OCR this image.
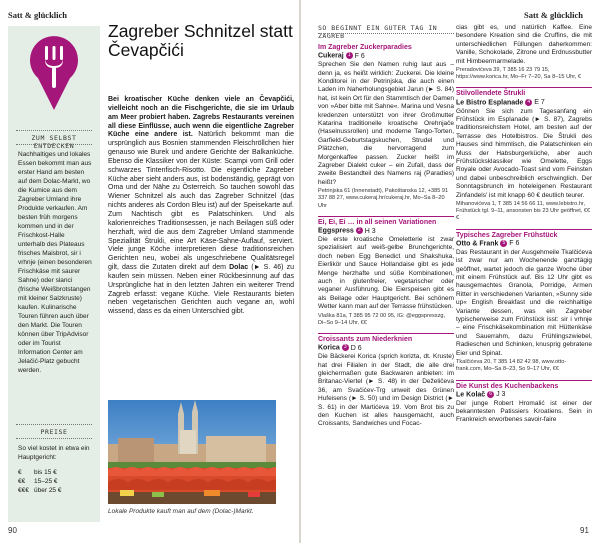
Satt & glücklich
ZUM SELBST ENTDECKEN
Nachhaltiges und lokales Essen bekommt man aus erster Hand am besten auf dem Dolac-Markt, wo die Kumice aus dem Zagreber Umland ihre Produkte verkaufen. Am besten früh morgens kommen und in der Frischkost-Halle unterhalb des Plateaus frisches Maisbrot, sir i vrhnje (einen besonderen Frischkäse mit saurer Sahne) oder slanci (frische Weißbrotstangen mit kleiner Salzkruste) kaufen. Kulinarische Touren führen auch über den Markt. Die Touren können über TripAdvisor oder im Tourist Information Center am Jelačić-Platz gebucht werden.
PREISE
So viel kostet in etwa ein Hauptgericht:
€ bis 15 €
€€ 15–25 €
€€€ über 25 €
Zagreber Schnitzel statt Čevapčići
Bei kroatischer Küche denken viele an Čevapčići, vielleicht noch an die Fischgerichte, die sie im Urlaub am Meer probiert haben. Zagrebs Restaurants vereinen all diese Einflüsse, auch wenn die eigentliche Zagreber Küche eine andere ist. Natürlich bekommt man die ursprünglich aus Bosnien stammenden Fleischröllchen hier genauso wie Burek und andere Gerichte der Balkanküche. Ebenso die Klassiker von der Küste: Scampi vom Grill oder schwarzes Tintenfisch-Risotto. Die eigentliche Zagreber Küche aber sieht anders aus, ist bodenständig, geprägt von Oma und der Nähe zu Österreich. So tauchen sowohl das Wiener Schnitzel als auch das Zagreber Schnitzel (das nichts anderes als Cordon Bleu ist) auf der Speisekarte auf. Zum Nachtisch gibt es Palatschinken. Und als kalorienreiches Traditionsessen, je nach Beilagen süß oder herzhaft, wird die aus dem Zagreber Umland stammende Spezialität Štrukli, eine Art Käse-Sahne-Auflauf, serviert. Viele junge Köche interpretieren diese traditionsreichen Gerichten neu, wobei als ungeschriebene Qualitätsregel gilt, dass die Zutaten direkt auf dem Dolac (► S. 46) zu kaufen sein müssen. Neben einer Rückbesinnung auf das Ursprüngliche hat in den letzten Jahren ein weiterer Trend Zagreb erfasst: vegane Küche. Viele Restaurants bieten neben vegetarischen Gerichten auch vegane an, wohl wissend, dass es da einen Unterschied gibt.
Lokale Produkte kauft man auf dem (Dolac-)Markt.
90
Satt & glücklich
SO BEGINNT EIN GUTER TAG IN ZAGREB
Im Zagreber Zuckerparadies
Cukeraj 1 F 6
Sprechen Sie den Namen ruhig laut aus – denn ja, es heißt wirklich: Zuckerei. Die kleine Konditorei in der Petrinjska, die auch einen Laden im Naherholungsgebiet Jarun (► S. 84) hat, ist kein Ort für den Stammtisch der Damen von »Aber bitte mit Sahne«. Marina und Vesna kredenzen unterstützt von ihrer Großmutter Katarina traditionelle kroatische Orehnjače (Haselnussrollen) und moderne Tango-Torten, Garfield-Geburtstagskuchen, Strudel und Plätzchen, die hervorragend zum Morgenkaffee passen. Zucker heißt im Zagreber Dialekt cuker – ein Zufall, dass der zweite Bestandteil des Namens raj (Paradies) heißt?
Petrinjska 61 (Innenstadt), Pakoštanska 12, +385 91 337 88 27, www.cukeraj.hr/cukeraj.hr, Mo–Sa 8–20 Uhr
Ei, Ei, Ei … in all seinen Variationen
Eggspress 2 H 3
Die erste kroatische Omeletterie ist zwar spezialisiert auf weiß-gelbe Brunchgerichte, doch neben Egg Benedict und Shakshuka, Eierlikör und Sauce Hollandaise gibt es jede Menge herzhafte und süße Kombinationen, auch in glutenfreier, vegetarischer oder veganer Ausführung. Die Eierspeisen gibt es als Beilage oder Hauptgericht. Bei schönem Wetter kann man auf der Terrasse frühstücken.
Vlaška 81a, T 385 95 72 00 95, IG: @eggspresszg, Di–So 9–14 Uhr, €€
Croissants zum Niederknien
Korica 3 D 6
Die Bäckerei Korica (sprich korizta, dt. Kruste) hat drei Filialen in der Stadt, die alle drei gleichermaßen gute Backwaren anbieten: im Britanac-Viertel (► S. 48) in der Deželičeva 36, am Svačićev-Trg unweit des Grünen Hufeisens (► S. 50) und im Design District (► S. 61) in der Martićeva 19. Vom Brot bis zu den Kuchen ist alles hausgemacht, auch Croissants, Sandwiches und Focac-
cias gibt es, und natürlich Kaffee. Eine besondere Kreation sind die Cruffins, die mit unterschiedlichen Füllungen daherkommen: Vanille, Schokolade, Zitrone und Erdnussbutter mit Himbeermarmelade.
Preradovićeva 39, T 385 16 23 79 15, https://www.korica.hr, Mo–Fr 7–20, Sa 8–15 Uhr, €
Stilvollendete Štrukli
Le Bistro Esplanade 4 E 7
Gönnen Sie sich zum Tagesanfang ein Frühstück im Esplanade (► S. 87), Zagrebs traditionsreichstem Hotel, am besten auf der Terrasse des Hotelbistros. Die Štrukli des Hauses sind himmlisch, die Palatschinken ein Muss der Habsburgerküche, aber auch Frühstücksklassiker wie Omelette, Eggs Royale oder Avocado-Toast sind vom Feinsten und dabei unbeschreiblich erschwinglich. Der Sonntagsbrunch im hoteleigenen Restaurant Zinfandels' ist mit knapp 60 € deutlich teurer.
Mihanovićeva 1, T 385 14 56 66 11, www.lebistro.hr, Frühstück tgl. 9–11, ansonsten bis 23 Uhr geöffnet, €€€
Typisches Zagreber Frühstück
Otto & Frank 5 F 6
Das Restaurant in der Ausgehmeile Tkalčićeva ist zwar nur am Wochenende ganztägig geöffnet, wartet jedoch die ganze Woche über mit einem Frühstück auf. Bis 12 Uhr gibt es hausgemachtes Granola, Porridge, Armen Ritter in verschiedenen Varianten, »Sunny side up« English Breakfast und die reichhaltige Variante dessen, was ein Zagreber typischerweise zum Frühstück isst: sir i vrhnje – eine Frischkäsekombination mit Hüttenkäse und Sauerrahm, dazu Frühlingszwiebel, Radieschen und Schinken, knusprig gebratene Eier und Spinat.
Tkalčićeva 20, T 385 14 82 42 98, www.otto-frank.com, Mo–Sa 8–23, So 9–17 Uhr, €€
Die Kunst des Kuchenbackens
Le Kolač 6 J 3
Der junge Robert Hromalić ist einer der bekanntesten Patissiers Kroatiens. Sein in Frankreich erworbenes savoir-faire
91
